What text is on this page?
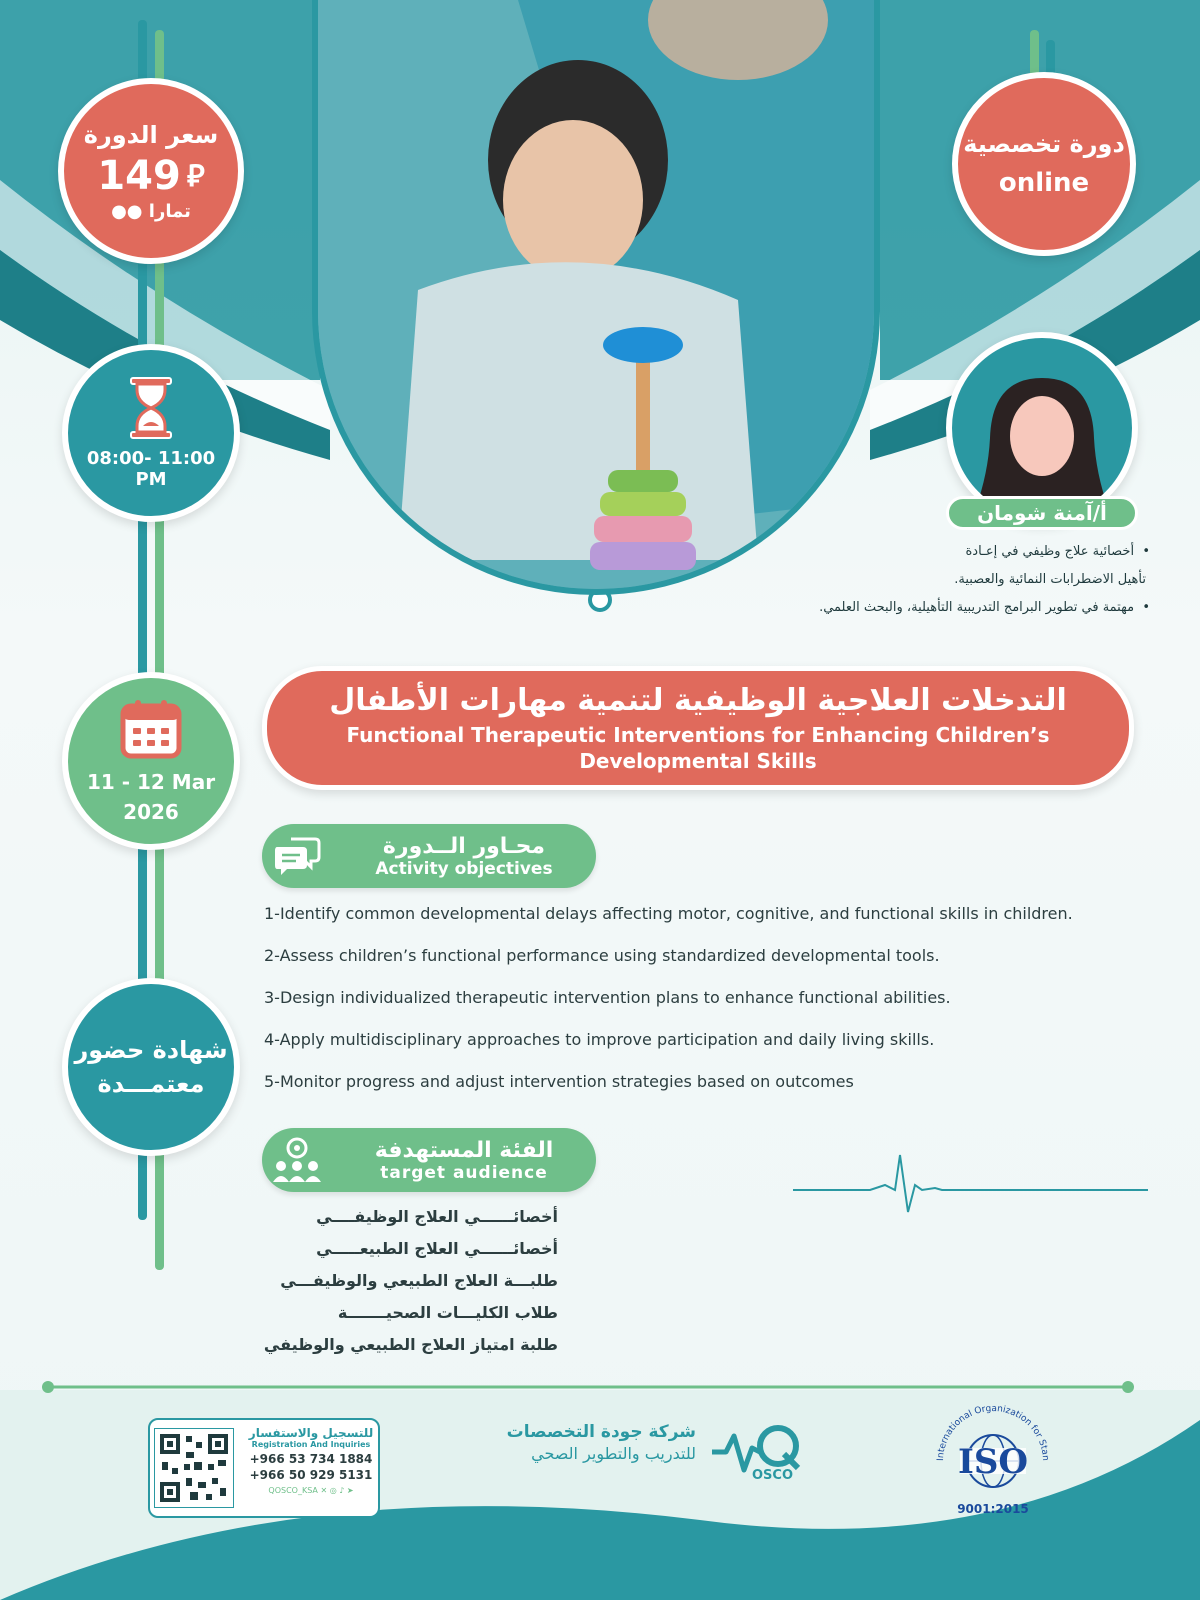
سعر الدورة
149 ⃁
تمارا ●●
دورة تخصصية
online
08:00- 11:00
PM
11 - 12 Mar
2026
شهادة حضور
معتمـــدة
أ/آمنة شومان
•  أخصائية علاج وظيفي في إعـادة
تأهيل الاضطرابات النمائية والعصبية.
•  مهتمة في تطوير البرامج التدريبية التأهيلية، والبحث العلمي.
التدخلات العلاجية الوظيفية لتنمية مهارات الأطفال
Functional Therapeutic Interventions for Enhancing Children’s
Developmental Skills
محـاور الــدورة
Activity objectives
1-Identify common developmental delays affecting motor, cognitive, and functional skills in children.
2-Assess children’s functional performance using standardized developmental tools.
3-Design individualized therapeutic intervention plans to enhance functional abilities.
4-Apply multidisciplinary approaches to improve participation and daily living skills.
5-Monitor progress and adjust intervention strategies based on outcomes
الفئة المستهدفة
target audience
أخصائــــــي العلاج الوظيفــــي
أخصائــــــي العلاج الطبيعـــــي
طلبـــة العلاج الطبيعي والوظيفـــي
طلاب الكليـــات الصحيـــــــة
طلبة امتياز العلاج الطبيعي والوظيفي
للتسجيل والاستفسار
Registration And Inquiries
+966 53 734 1884
+966 50 929 5131
QOSCO_KSA ✕ ◎ ♪ ➤
شركة جودة التخصصات
للتدريب والتطوير الصحي
OSCO
International Organization for Stan
ISO
9001:2015
